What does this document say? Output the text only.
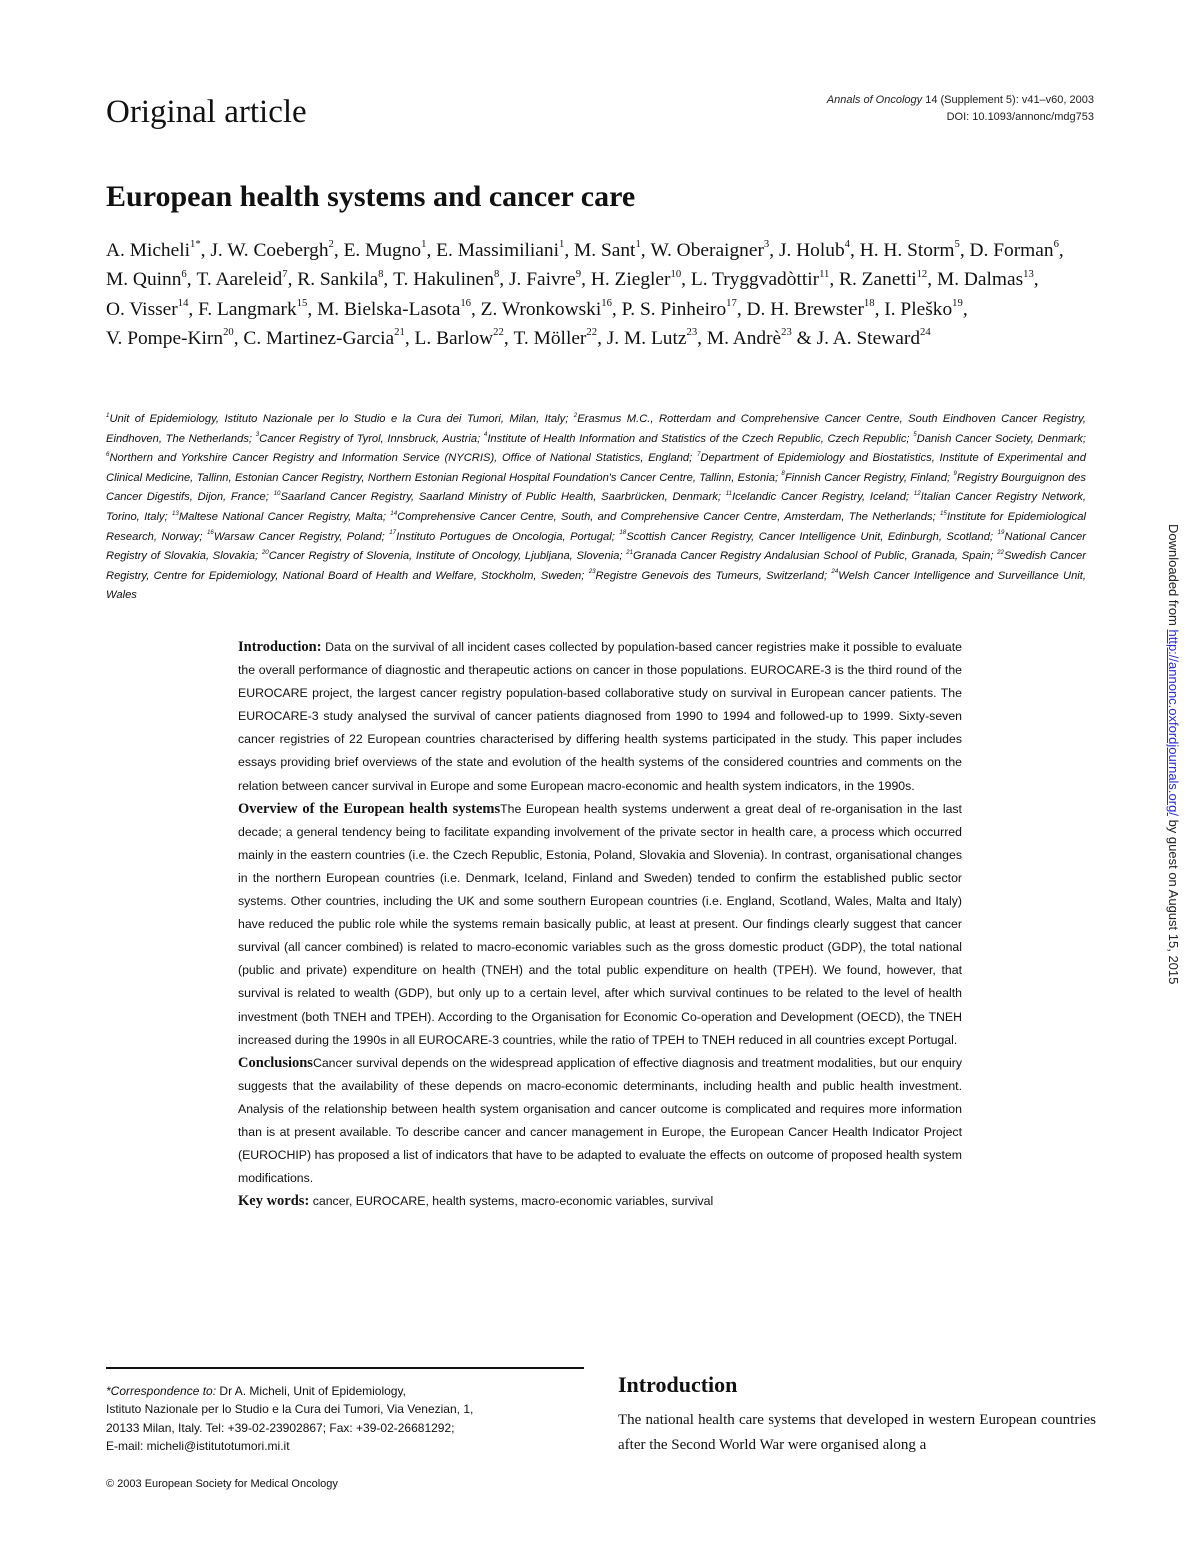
Original article	Annals of Oncology 14 (Supplement 5): v41–v60, 2003
DOI: 10.1093/annonc/mdg753
European health systems and cancer care
A. Micheli$^{1*}$, J. W. Coebergh$^2$, E. Mugno$^1$, E. Massimiliani$^1$, M. Sant$^1$, W. Oberaigner$^3$, J. Holub$^4$, H. H. Storm$^5$, D. Forman$^6$, M. Quinn$^6$, T. Aareleid$^7$, R. Sankila$^8$, T. Hakulinen$^8$, J. Faivre$^9$, H. Ziegler$^{10}$, L. Tryggvadòttir$^{11}$, R. Zanetti$^{12}$, M. Dalmas$^{13}$, O. Visser$^{14}$, F. Langmark$^{15}$, M. Bielska-Lasota$^{16}$, Z. Wronkowski$^{16}$, P. S. Pinheiro$^{17}$, D. H. Brewster$^{18}$, I. Pleško$^{19}$, V. Pompe-Kirn$^{20}$, C. Martinez-Garcia$^{21}$, L. Barlow$^{22}$, T. Möller$^{22}$, J. M. Lutz$^{23}$, M. Andrè$^{23}$ & J. A. Steward$^{24}$
$^1$Unit of Epidemiology, Istituto Nazionale per lo Studio e la Cura dei Tumori, Milan, Italy; $^2$Erasmus M.C., Rotterdam and Comprehensive Cancer Centre, South Eindhoven Cancer Registry, Eindhoven, The Netherlands; $^3$Cancer Registry of Tyrol, Innsbruck, Austria; $^4$Institute of Health Information and Statistics of the Czech Republic, Czech Republic; $^5$Danish Cancer Society, Denmark; $^6$Northern and Yorkshire Cancer Registry and Information Service (NYCRIS), Office of National Statistics, England; $^7$Department of Epidemiology and Biostatistics, Institute of Experimental and Clinical Medicine, Tallinn, Estonian Cancer Registry, Northern Estonian Regional Hospital Foundation's Cancer Centre, Tallinn, Estonia; $^8$Finnish Cancer Registry, Finland; $^9$Registry Bourguignon des Cancer Digestifs, Dijon, France; $^{10}$Saarland Cancer Registry, Saarland Ministry of Public Health, Saarbrücken, Denmark; $^{11}$Icelandic Cancer Registry, Iceland; $^{12}$Italian Cancer Registry Network, Torino, Italy; $^{13}$Maltese National Cancer Registry, Malta; $^{14}$Comprehensive Cancer Centre, South, and Comprehensive Cancer Centre, Amsterdam, The Netherlands; $^{15}$Institute for Epidemiological Research, Norway; $^{16}$Warsaw Cancer Registry, Poland; $^{17}$Instituto Portugues de Oncologia, Portugal; $^{18}$Scottish Cancer Registry, Cancer Intelligence Unit, Edinburgh, Scotland; $^{19}$National Cancer Registry of Slovakia, Slovakia; $^{20}$Cancer Registry of Slovenia, Institute of Oncology, Ljubljana, Slovenia; $^{21}$Granada Cancer Registry Andalusian School of Public, Granada, Spain; $^{22}$Swedish Cancer Registry, Centre for Epidemiology, National Board of Health and Welfare, Stockholm, Sweden; $^{23}$Registre Genevois des Tumeurs, Switzerland; $^{24}$Welsh Cancer Intelligence and Surveillance Unit, Wales

Introduction: Data on the survival of all incident cases collected by population-based cancer registries make it possible to evaluate the overall performance of diagnostic and therapeutic actions on cancer in those populations. EUROCARE-3 is the third round of the EUROCARE project, the largest cancer registry population-based collaborative study on survival in European cancer patients. The EUROCARE-3 study analysed the survival of cancer patients diagnosed from 1990 to 1994 and followed-up to 1999. Sixty-seven cancer registries of 22 European countries characterised by differing health systems participated in the study. This paper includes essays providing brief overviews of the state and evolution of the health systems of the considered countries and comments on the relation between cancer survival in Europe and some European macro-economic and health system indicators, in the 1990s.

Overview of the European health systemsThe European health systems underwent a great deal of re-organisation in the last decade; a general tendency being to facilitate expanding involvement of the private sector in health care, a process which occurred mainly in the eastern countries (i.e. the Czech Republic, Estonia, Poland, Slovakia and Slovenia). In contrast, organisational changes in the northern European countries (i.e. Denmark, Iceland, Finland and Sweden) tended to confirm the established public sector systems. Other countries, including the UK and some southern European countries (i.e. England, Scotland, Wales, Malta and Italy) have reduced the public role while the systems remain basically public, at least at present. Our findings clearly suggest that cancer survival (all cancer combined) is related to macro-economic variables such as the gross domestic product (GDP), the total national (public and private) expenditure on health (TNEH) and the total public expenditure on health (TPEH). We found, however, that survival is related to wealth (GDP), but only up to a certain level, after which survival continues to be related to the level of health investment (both TNEH and TPEH). According to the Organisation for Economic Co-operation and Development (OECD), the TNEH increased during the 1990s in all EUROCARE-3 countries, while the ratio of TPEH to TNEH reduced in all countries except Portugal.

ConclusionsCancer survival depends on the widespread application of effective diagnosis and treatment modalities, but our enquiry suggests that the availability of these depends on macro-economic determinants, including health and public health investment. Analysis of the relationship between health system organisation and cancer outcome is complicated and requires more information than is at present available. To describe cancer and cancer management in Europe, the European Cancer Health Indicator Project (EUROCHIP) has proposed a list of indicators that have to be adapted to evaluate the effects on outcome of proposed health system modifications.

Key words: cancer, EUROCARE, health systems, macro-economic variables, survival

*Correspondence to: Dr A. Micheli, Unit of Epidemiology,
Istituto Nazionale per lo Studio e la Cura dei Tumori, Via Venezian, 1,
20133 Milan, Italy. Tel: +39-02-23902867; Fax: +39-02-26681292;
E-mail: micheli@istitutotumori.mi.it
© 2003 European Society for Medical Oncology
Introduction

The national health care systems that developed in western European countries after the Second World War were organised along a

Downloaded from http://annonc.oxfordjournals.org/ by guest on August 15, 2015
